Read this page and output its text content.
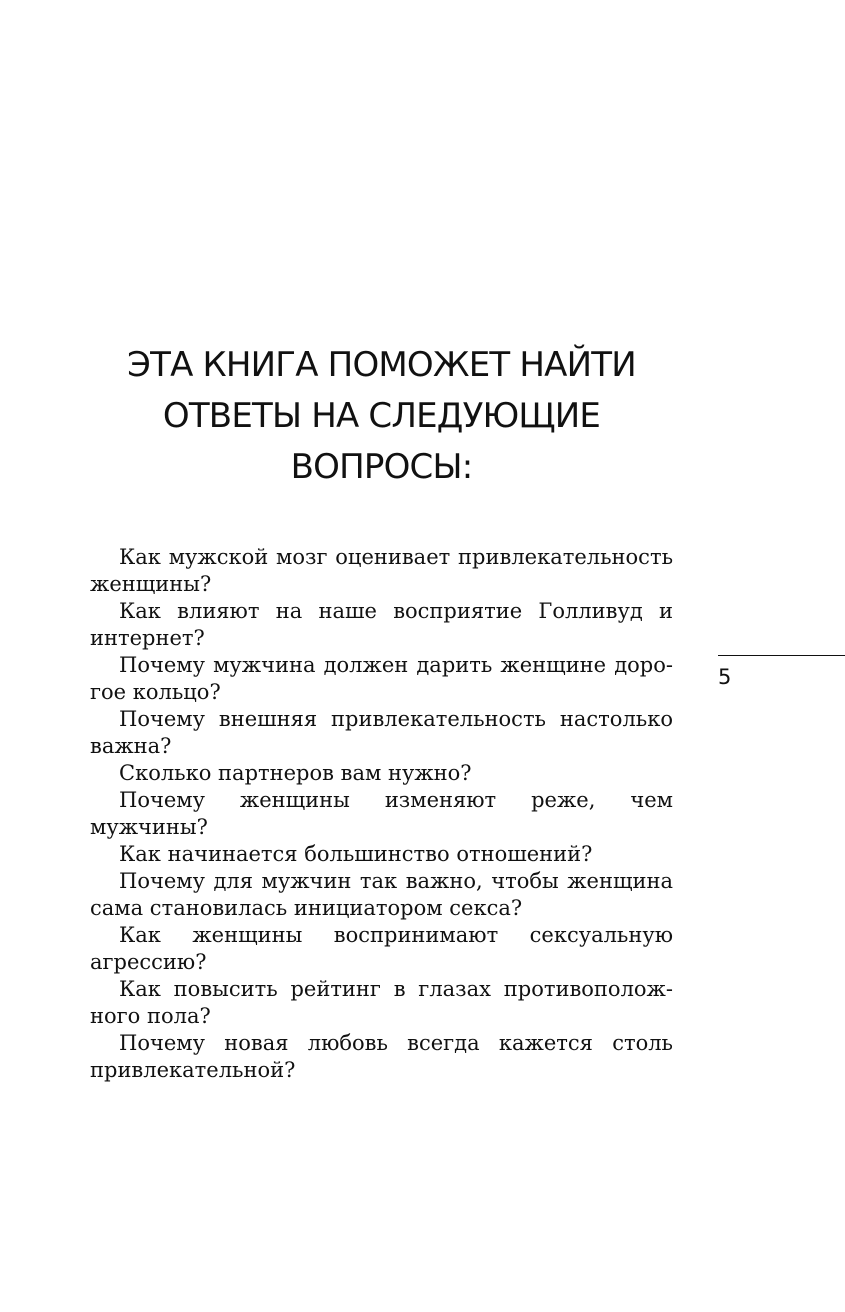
ЭТА КНИГА ПОМОЖЕТ НАЙТИ
ОТВЕТЫ НА СЛЕДУЮЩИЕ
ВОПРОСЫ:
Как мужской мозг оценивает привлекательность женщины?
Как влияют на наше восприятие Голливуд и интернет?
Почему мужчина должен дарить женщине дорогое кольцо?
Почему внешняя привлекательность настолько важна?
Сколько партнеров вам нужно?
Почему женщины изменяют реже, чем мужчины?
Как начинается большинство отношений?
Почему для мужчин так важно, чтобы женщина сама становилась инициатором секса?
Как женщины воспринимают сексуальную агрессию?
Как повысить рейтинг в глазах противоположного пола?
Почему новая любовь всегда кажется столь привлекательной?
5
